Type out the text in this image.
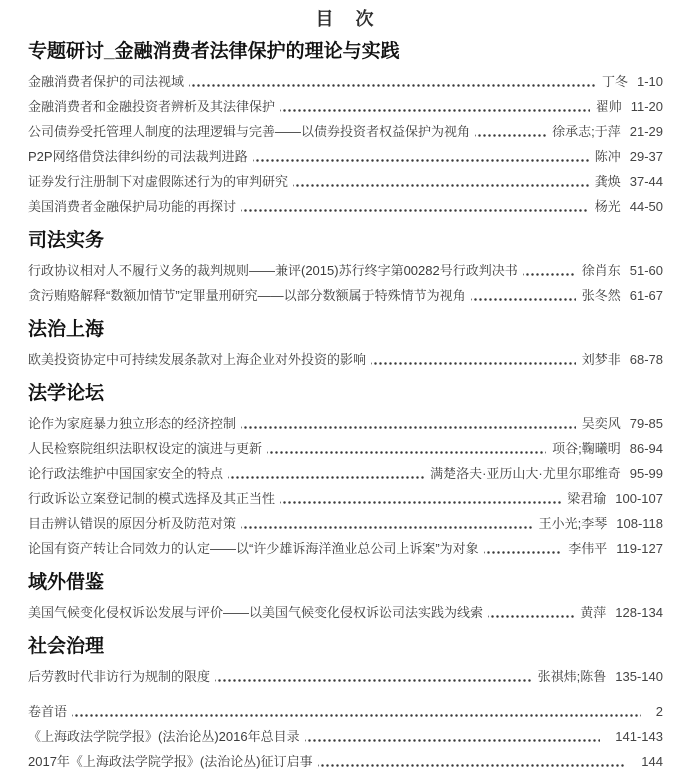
目　次
专题研讨_金融消费者法律保护的理论与实践
金融消费者保护的司法视域	丁冬 1-10
金融消费者和金融投资者辨析及其法律保护	翟帅 11-20
公司债券受托管理人制度的法理逻辑与完善——以债券投资者权益保护为视角	徐承志;于萍 21-29
P2P网络借贷法律纠纷的司法裁判进路	陈冲 29-37
证券发行注册制下对虚假陈述行为的审判研究	龚焕 37-44
美国消费者金融保护局功能的再探讨	杨光 44-50
司法实务
行政协议相对人不履行义务的裁判规则——兼评(2015)苏行终字第00282号行政判决书	徐肖东 51-60
贪污贿赂解释“数额加情节”定罪量刑研究——以部分数额属于特殊情节为视角	张冬然 61-67
法治上海
欧美投资协定中可持续发展条款对上海企业对外投资的影响	刘梦非 68-78
法学论坛
论作为家庭暴力独立形态的经济控制	吴奕风 79-85
人民检察院组织法职权设定的演进与更新	项谷;鞠曦明 86-94
论行政法维护中国国家安全的特点	满楚洛夫·亚历山大·尤里尔耶维奇 95-99
行政诉讼立案登记制的模式选择及其正当性	梁君瑜 100-107
目击辨认错误的原因分析及防范对策	王小光;李琴 108-118
论国有资产转让合同效力的认定——以“许少雄诉海洋渔业总公司上诉案”为对象	李伟平 119-127
域外借鉴
美国气候变化侵权诉讼发展与评价——以美国气候变化侵权诉讼司法实践为线索	黄萍 128-134
社会治理
后劳教时代非访行为规制的限度	张祺炜;陈鲁 135-140
卷首语	2
《上海政法学院学报》(法治论丛)2016年总目录	141-143
2017年《上海政法学院学报》(法治论丛)征订启事	144
